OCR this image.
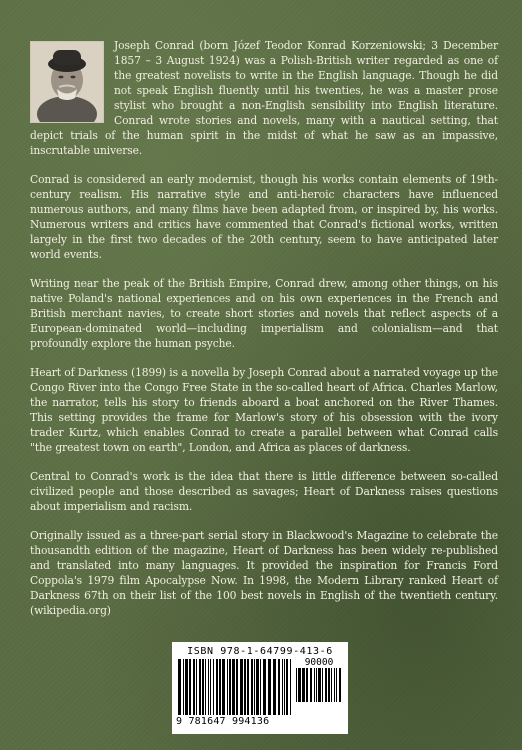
Joseph Conrad (born Józef Teodor Konrad Korzeniowski; 3 December 1857 – 3 August 1924) was a Polish-British writer regarded as one of the greatest novelists to write in the English language. Though he did not speak English fluently until his twenties, he was a master prose stylist who brought a non-English sensibility into English literature. Conrad wrote stories and novels, many with a nautical setting, that depict trials of the human spirit in the midst of what he saw as an impassive, inscrutable universe.

Conrad is considered an early modernist, though his works contain elements of 19th-century realism. His narrative style and anti-heroic characters have influenced numerous authors, and many films have been adapted from, or inspired by, his works. Numerous writers and critics have commented that Conrad's fictional works, written largely in the first two decades of the 20th century, seem to have anticipated later world events.

Writing near the peak of the British Empire, Conrad drew, among other things, on his native Poland's national experiences and on his own experiences in the French and British merchant navies, to create short stories and novels that reflect aspects of a European-dominated world—including imperialism and colonialism—and that profoundly explore the human psyche.

Heart of Darkness (1899) is a novella by Joseph Conrad about a narrated voyage up the Congo River into the Congo Free State in the so-called heart of Africa. Charles Marlow, the narrator, tells his story to friends aboard a boat anchored on the River Thames. This setting provides the frame for Marlow's story of his obsession with the ivory trader Kurtz, which enables Conrad to create a parallel between what Conrad calls "the greatest town on earth", London, and Africa as places of darkness.

Central to Conrad's work is the idea that there is little difference between so-called civilized people and those described as savages; Heart of Darkness raises questions about imperialism and racism.

Originally issued as a three-part serial story in Blackwood's Magazine to celebrate the thousandth edition of the magazine, Heart of Darkness has been widely re-published and translated into many languages. It provided the inspiration for Francis Ford Coppola's 1979 film Apocalypse Now. In 1998, the Modern Library ranked Heart of Darkness 67th on their list of the 100 best novels in English of the twentieth century. (wikipedia.org)

ISBN 978-1-64799-413-6
90000
9 781647 994136
